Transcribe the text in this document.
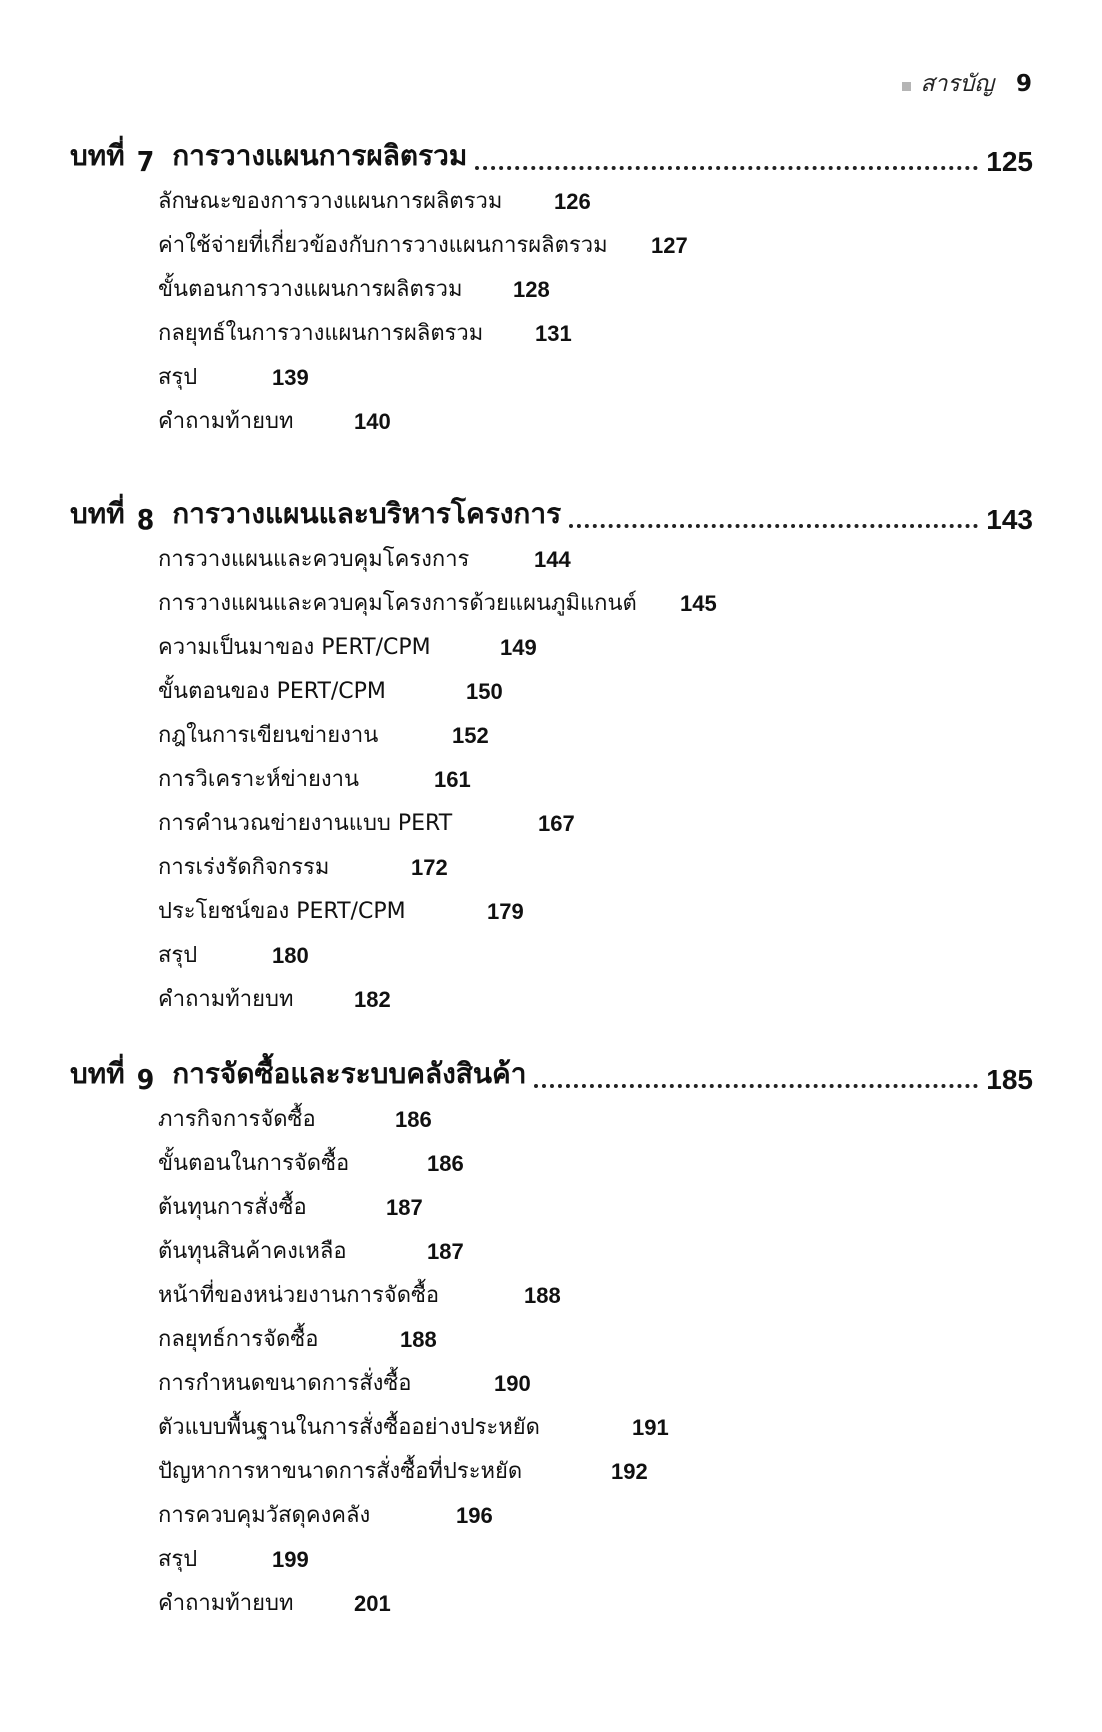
สารบัญ 9
บทที่ 7 การวางแผนการผลิตรวม	125
ลักษณะของการวางแผนการผลิตรวม 126
ค่าใช้จ่ายที่เกี่ยวข้องกับการวางแผนการผลิตรวม 127
ขั้นตอนการวางแผนการผลิตรวม 128
กลยุทธ์ในการวางแผนการผลิตรวม 131
สรุป	139
คำถามท้ายบท	140
บทที่ 8 การวางแผนและบริหารโครงการ	143
การวางแผนและควบคุมโครงการ	144
การวางแผนและควบคุมโครงการด้วยแผนภูมิแกนต์ 145
ความเป็นมาของ PERT/CPM	149
ขั้นตอนของ PERT/CPM	150
กฎในการเขียนข่ายงาน	152
การวิเคราะห์ข่ายงาน	161
การคำนวณข่ายงานแบบ PERT	167
การเร่งรัดกิจกรรม	172
ประโยชน์ของ PERT/CPM	179
สรุป	180
คำถามท้ายบท	182
บทที่ 9 การจัดซื้อและระบบคลังสินค้า	185
ภารกิจการจัดซื้อ	186
ขั้นตอนในการจัดซื้อ	186
ต้นทุนการสั่งซื้อ	187
ต้นทุนสินค้าคงเหลือ	187
หน้าที่ของหน่วยงานการจัดซื้อ	188
กลยุทธ์การจัดซื้อ	188
การกำหนดขนาดการสั่งซื้อ	190
ตัวแบบพื้นฐานในการสั่งซื้ออย่างประหยัด	191
ปัญหาการหาขนาดการสั่งซื้อที่ประหยัด	192
การควบคุมวัสดุคงคลัง	196
สรุป	199
คำถามท้ายบท	201
